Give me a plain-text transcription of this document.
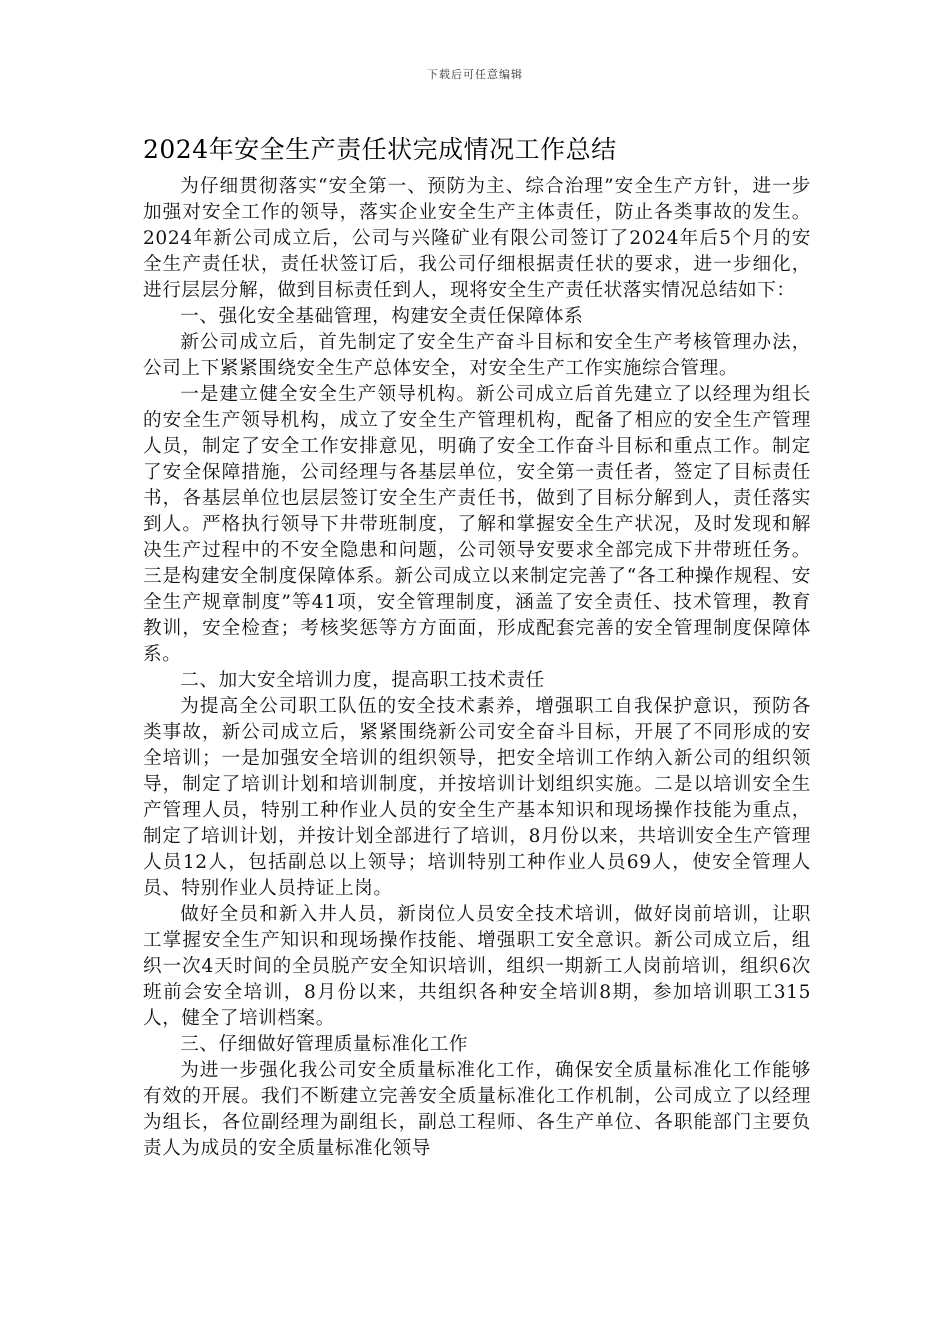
下载后可任意编辑
2024年安全生产责任状完成情况工作总结

为仔细贯彻落实“安全第一、预防为主、综合治理”安全生产方针，进一步加强对安全工作的领导，落实企业安全生产主体责任，防止各类事故的发生。2024年新公司成立后，公司与兴隆矿业有限公司签订了2024年后5个月的安全生产责任状，责任状签订后，我公司仔细根据责任状的要求，进一步细化，进行层层分解，做到目标责任到人，现将安全生产责任状落实情况总结如下：

一、强化安全基础管理，构建安全责任保障体系

新公司成立后，首先制定了安全生产奋斗目标和安全生产考核管理办法，公司上下紧紧围绕安全生产总体安全，对安全生产工作实施综合管理。

一是建立健全安全生产领导机构。新公司成立后首先建立了以经理为组长的安全生产领导机构，成立了安全生产管理机构，配备了相应的安全生产管理人员，制定了安全工作安排意见，明确了安全工作奋斗目标和重点工作。制定了安全保障措施，公司经理与各基层单位，安全第一责任者，签定了目标责任书，各基层单位也层层签订安全生产责任书，做到了目标分解到人，责任落实到人。严格执行领导下井带班制度，了解和掌握安全生产状况，及时发现和解决生产过程中的不安全隐患和问题，公司领导安要求全部完成下井带班任务。三是构建安全制度保障体系。新公司成立以来制定完善了“各工种操作规程、安全生产规章制度”等41项，安全管理制度，涵盖了安全责任、技术管理，教育教训，安全检查；考核奖惩等方方面面，形成配套完善的安全管理制度保障体系。

二、加大安全培训力度，提高职工技术责任

为提高全公司职工队伍的安全技术素养，增强职工自我保护意识，预防各类事故，新公司成立后，紧紧围绕新公司安全奋斗目标，开展了不同形成的安全培训；一是加强安全培训的组织领导，把安全培训工作纳入新公司的组织领导，制定了培训计划和培训制度，并按培训计划组织实施。二是以培训安全生产管理人员，特别工种作业人员的安全生产基本知识和现场操作技能为重点，制定了培训计划，并按计划全部进行了培训，8月份以来，共培训安全生产管理人员12人，包括副总以上领导；培训特别工种作业人员69人，使安全管理人员、特别作业人员持证上岗。

做好全员和新入井人员，新岗位人员安全技术培训，做好岗前培训，让职工掌握安全生产知识和现场操作技能、增强职工安全意识。新公司成立后，组织一次4天时间的全员脱产安全知识培训，组织一期新工人岗前培训，组织6次班前会安全培训，8月份以来，共组织各种安全培训8期，参加培训职工315人，健全了培训档案。

三、仔细做好管理质量标准化工作

为进一步强化我公司安全质量标准化工作，确保安全质量标准化工作能够有效的开展。我们不断建立完善安全质量标准化工作机制，公司成立了以经理为组长，各位副经理为副组长，副总工程师、各生产单位、各职能部门主要负责人为成员的安全质量标准化领导
